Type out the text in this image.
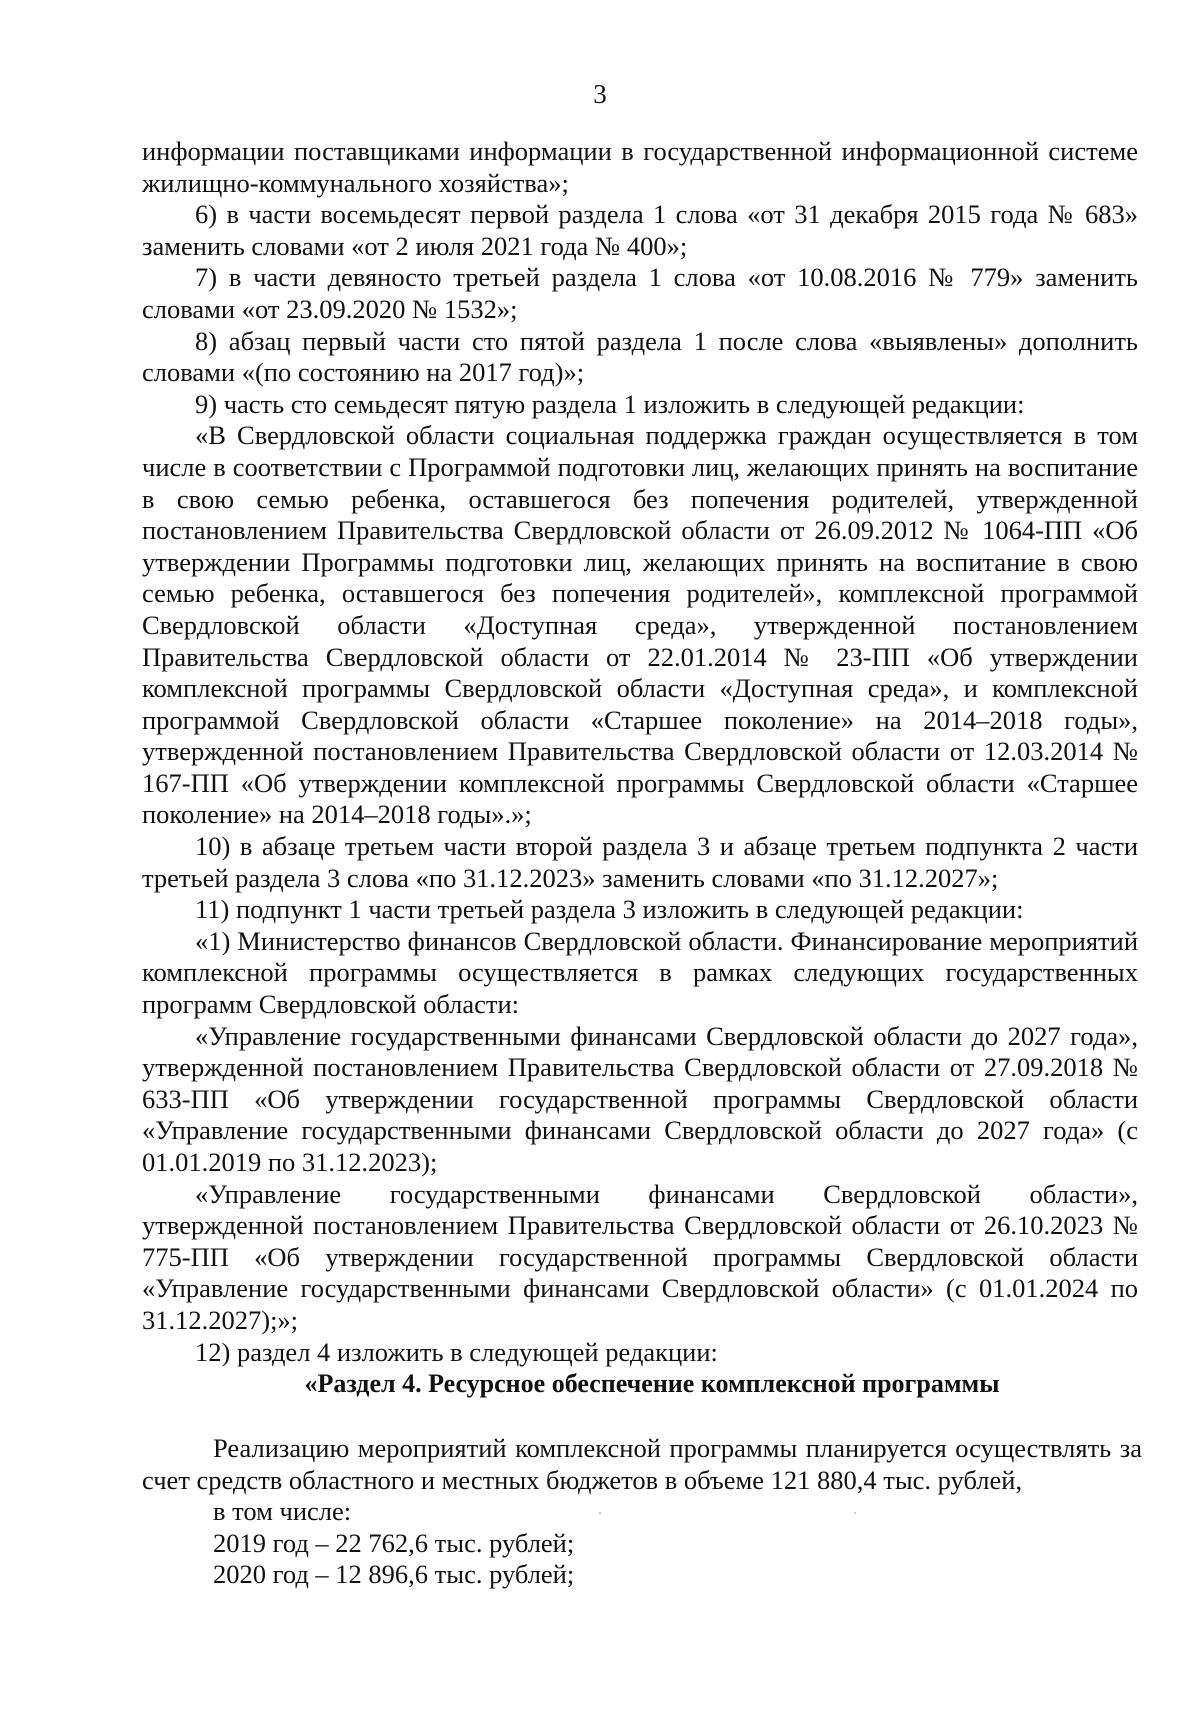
3

информации поставщиками информации в государственной информационной системе жилищно-коммунального хозяйства»;

6) в части восемьдесят первой раздела 1 слова «от 31 декабря 2015 года № 683» заменить словами «от 2 июля 2021 года № 400»;

7) в части девяносто третьей раздела 1 слова «от 10.08.2016 № 779» заменить словами «от 23.09.2020 № 1532»;

8) абзац первый части сто пятой раздела 1 после слова «выявлены» дополнить словами «(по состоянию на 2017 год)»;

9) часть сто семьдесят пятую раздела 1 изложить в следующей редакции:

«В Свердловской области социальная поддержка граждан осуществляется в том числе в соответствии с Программой подготовки лиц, желающих принять на воспитание в свою семью ребенка, оставшегося без попечения родителей, утвержденной постановлением Правительства Свердловской области от 26.09.2012 № 1064-ПП «Об утверждении Программы подготовки лиц, желающих принять на воспитание в свою семью ребенка, оставшегося без попечения родителей», комплексной программой Свердловской области «Доступная среда», утвержденной постановлением Правительства Свердловской области от 22.01.2014 № 23-ПП «Об утверждении комплексной программы Свердловской области «Доступная среда», и комплексной программой Свердловской области «Старшее поколение» на 2014–2018 годы», утвержденной постановлением Правительства Свердловской области от 12.03.2014 № 167-ПП «Об утверждении комплексной программы Свердловской области «Старшее поколение» на 2014–2018 годы».»;

10) в абзаце третьем части второй раздела 3 и абзаце третьем подпункта 2 части третьей раздела 3 слова «по 31.12.2023» заменить словами «по 31.12.2027»;

11) подпункт 1 части третьей раздела 3 изложить в следующей редакции:

«1) Министерство финансов Свердловской области. Финансирование мероприятий комплексной программы осуществляется в рамках следующих государственных программ Свердловской области:

«Управление государственными финансами Свердловской области до 2027 года», утвержденной постановлением Правительства Свердловской области от 27.09.2018 № 633-ПП «Об утверждении государственной программы Свердловской области «Управление государственными финансами Свердловской области до 2027 года» (с 01.01.2019 по 31.12.2023);

«Управление государственными финансами Свердловской области», утвержденной постановлением Правительства Свердловской области от 26.10.2023 № 775-ПП «Об утверждении государственной программы Свердловской области «Управление государственными финансами Свердловской области» (с 01.01.2024 по 31.12.2027);»;

12) раздел 4 изложить в следующей редакции:

«Раздел 4. Ресурсное обеспечение комплексной программы

Реализацию мероприятий комплексной программы планируется осуществлять за счет средств областного и местных бюджетов в объеме 121 880,4 тыс. рублей,

в том числе:

2019 год – 22 762,6 тыс. рублей;

2020 год – 12 896,6 тыс. рублей;
